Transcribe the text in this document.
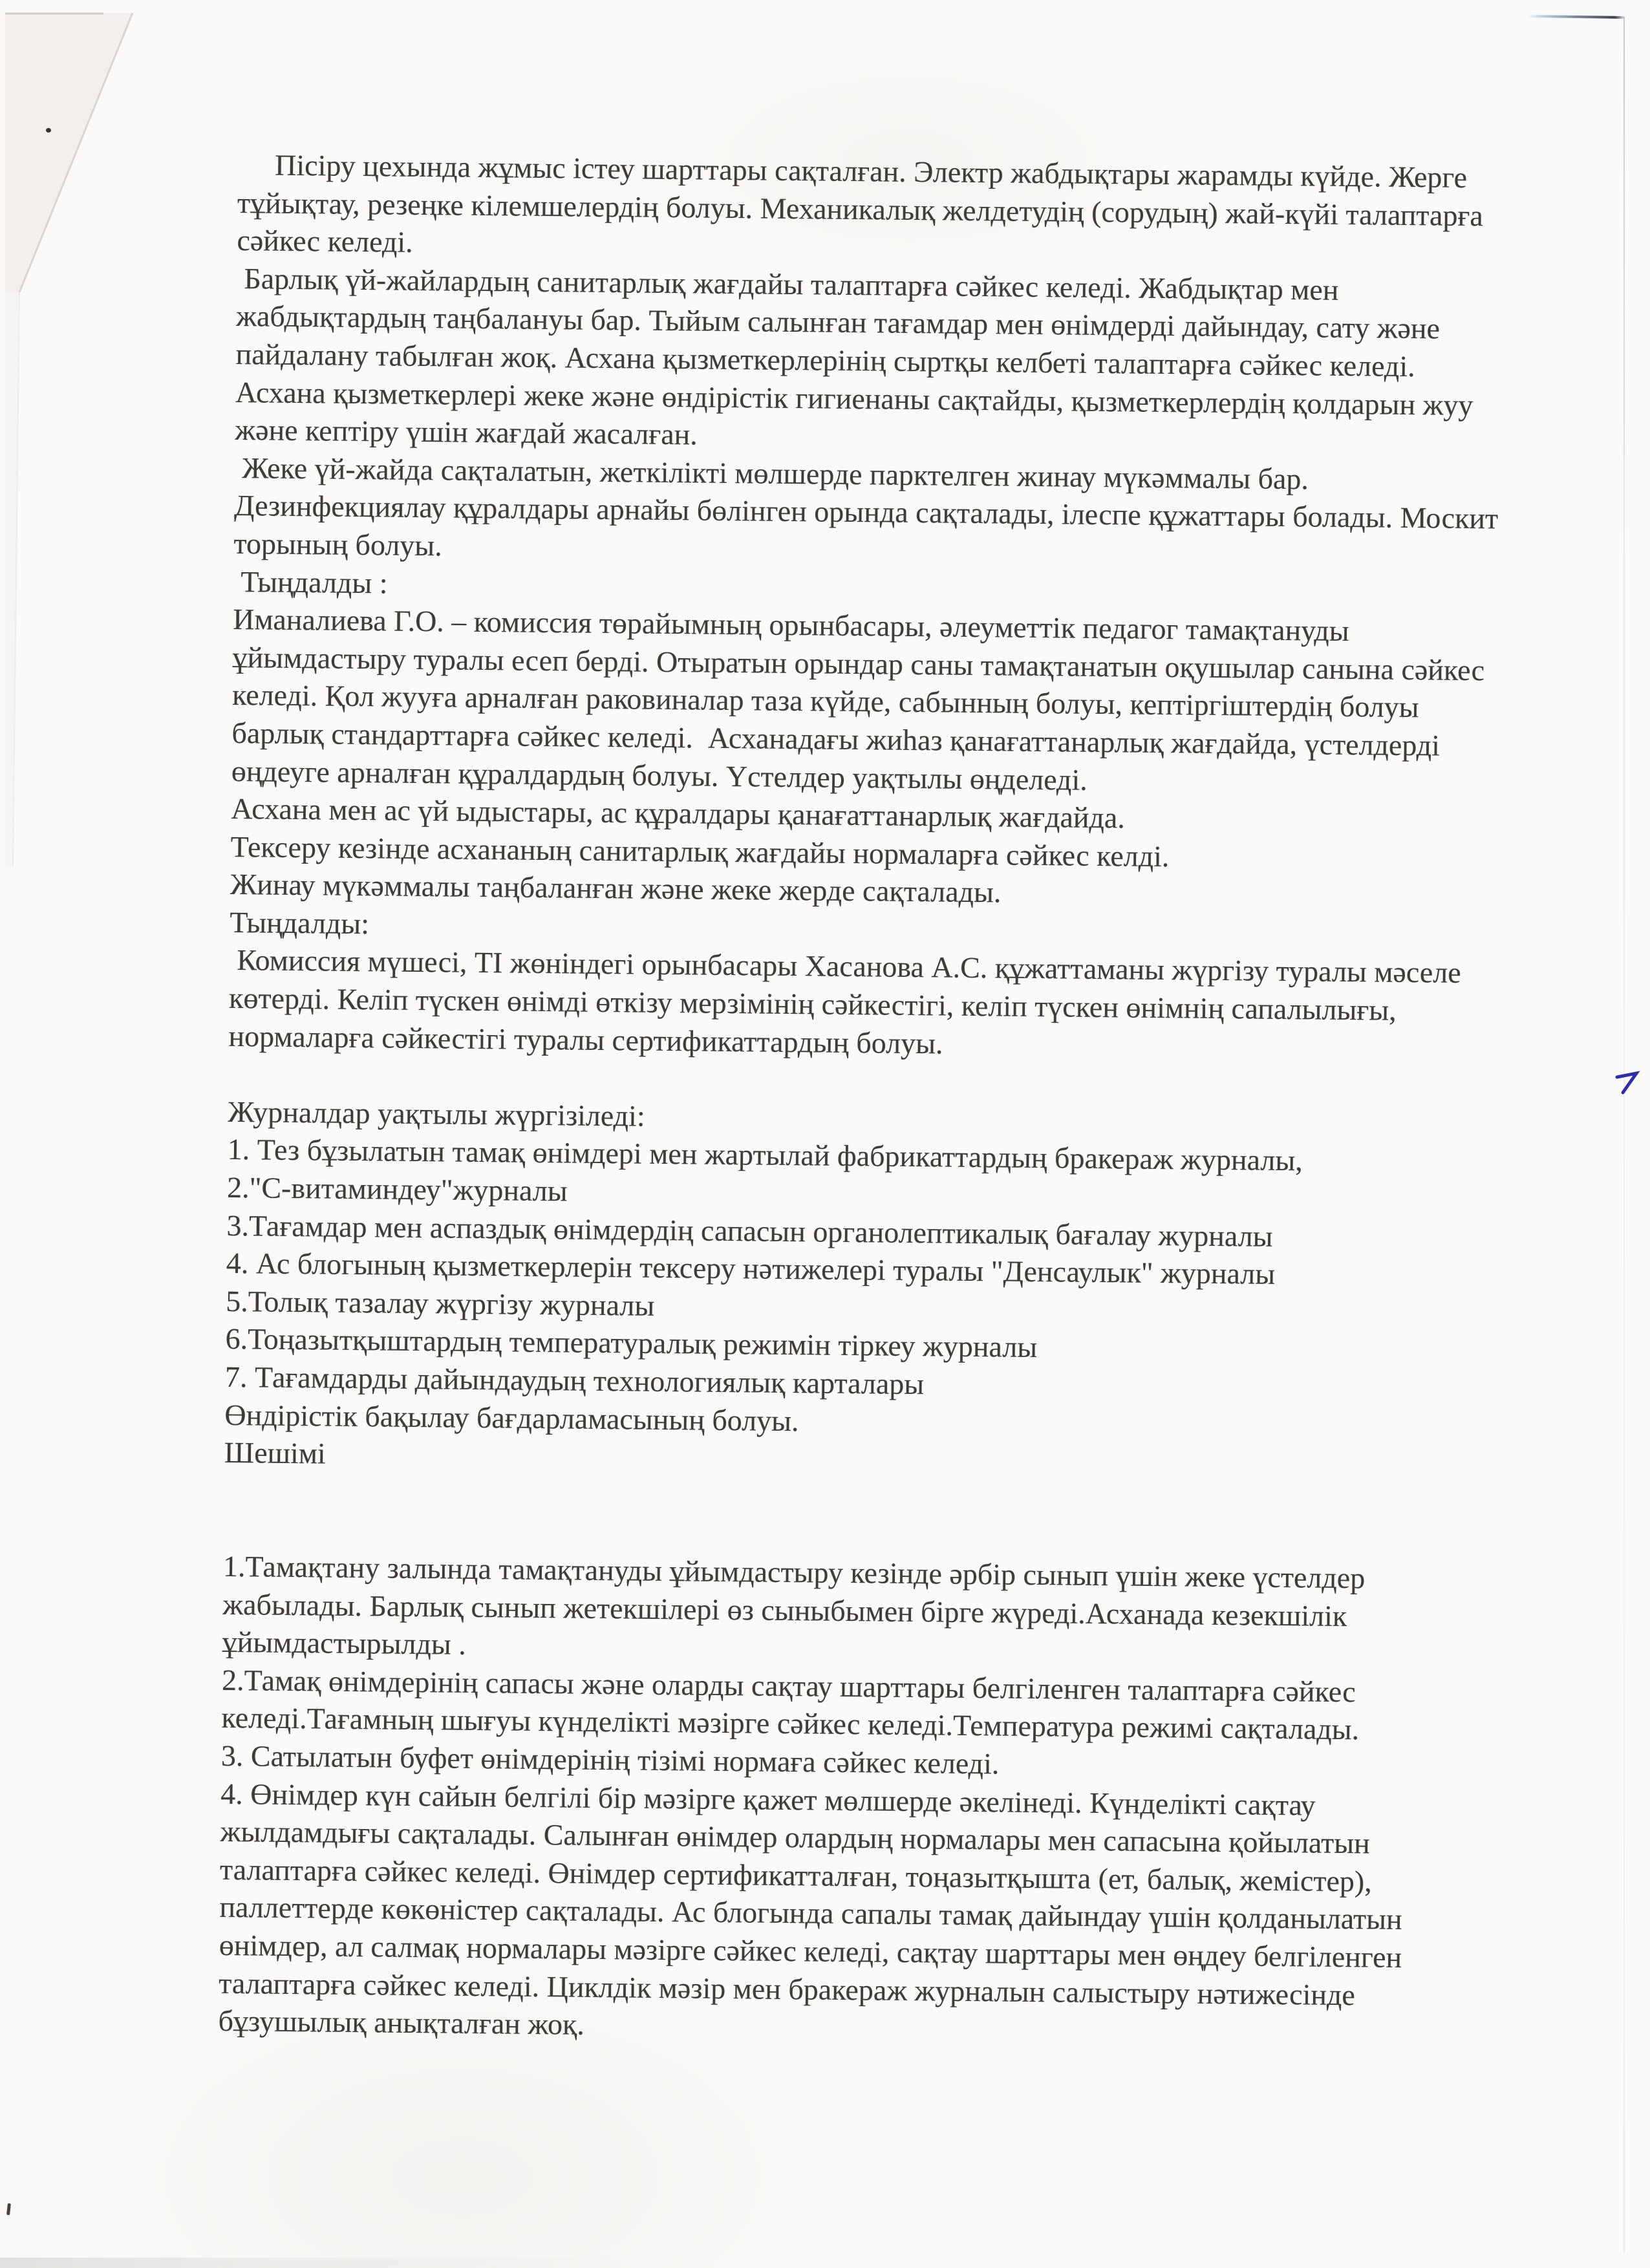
Пісіру цехында жұмыс істеу шарттары сақталған. Электр жабдықтары жарамды күйде. Жерге
тұйықтау, резеңке кілемшелердің болуы. Механикалық желдетудің (сорудың) жай-күйі талаптарға
сәйкес келеді.
Барлық үй-жайлардың санитарлық жағдайы талаптарға сәйкес келеді. Жабдықтар мен
жабдықтардың таңбалануы бар. Тыйым салынған тағамдар мен өнімдерді дайындау, сату және
пайдалану табылған жоқ. Асхана қызметкерлерінің сыртқы келбеті талаптарға сәйкес келеді.
Асхана қызметкерлері жеке және өндірістік гигиенаны сақтайды, қызметкерлердің қолдарын жуу
және кептіру үшін жағдай жасалған.
Жеке үй-жайда сақталатын, жеткілікті мөлшерде парктелген жинау мүкәммалы бар.
Дезинфекциялау құралдары арнайы бөлінген орында сақталады, ілеспе құжаттары болады. Москит
торының болуы.
Тыңдалды :
Иманалиева Г.О. – комиссия төрайымның орынбасары, әлеуметтік педагог тамақтануды
ұйымдастыру туралы есеп берді. Отыратын орындар саны тамақтанатын оқушылар санына сәйкес
келеді. Қол жууға арналған раковиналар таза күйде, сабынның болуы, кептіргіштердің болуы
барлық стандарттарға сәйкес келеді.  Асханадағы жиһаз қанағаттанарлық жағдайда, үстелдерді
өңдеуге арналған құралдардың болуы. Үстелдер уақтылы өңделеді.
Асхана мен ас үй ыдыстары, ас құралдары қанағаттанарлық жағдайда.
Тексеру кезінде асхананың санитарлық жағдайы нормаларға сәйкес келді.
Жинау мүкәммалы таңбаланған және жеке жерде сақталады.
Тыңдалды:
Комиссия мүшесі, ТІ жөніндегі орынбасары Хасанова А.С. құжаттаманы жүргізу туралы мәселе
көтерді. Келіп түскен өнімді өткізу мерзімінің сәйкестігі, келіп түскен өнімнің сапалылығы,
нормаларға сәйкестігі туралы сертификаттардың болуы.

Журналдар уақтылы жүргізіледі:
1. Тез бұзылатын тамақ өнімдері мен жартылай фабрикаттардың бракераж журналы,
2."С-витаминдеу"журналы
3.Тағамдар мен аспаздық өнімдердің сапасын органолептикалық бағалау журналы
4. Ас блогының қызметкерлерін тексеру нәтижелері туралы "Денсаулык" журналы
5.Толық тазалау жүргізу журналы
6.Тоңазытқыштардың температуралық режимін тіркеу журналы
7. Тағамдарды дайындаудың технологиялық карталары
Өндірістік бақылау бағдарламасының болуы.
Шешімі

1.Тамақтану залында тамақтануды ұйымдастыру кезінде әрбір сынып үшін жеке үстелдер
жабылады. Барлық сынып жетекшілері өз сыныбымен бірге жүреді.Асханада кезекшілік
ұйымдастырылды .
2.Тамақ өнімдерінің сапасы және оларды сақтау шарттары белгіленген талаптарға сәйкес
келеді.Тағамның шығуы күнделікті мәзірге сәйкес келеді.Температура режимі сақталады.
3. Сатылатын буфет өнімдерінің тізімі нормаға сәйкес келеді.
4. Өнімдер күн сайын белгілі бір мәзірге қажет мөлшерде әкелінеді. Күнделікті сақтау
жылдамдығы сақталады. Салынған өнімдер олардың нормалары мен сапасына қойылатын
талаптарға сәйкес келеді. Өнімдер сертификатталған, тоңазытқышта (ет, балық, жемістер),
паллеттерде көкөністер сақталады. Ас блогында сапалы тамақ дайындау үшін қолданылатын
өнімдер, ал салмақ нормалары мәзірге сәйкес келеді, сақтау шарттары мен өңдеу белгіленген
талаптарға сәйкес келеді. Циклдік мәзір мен бракераж журналын салыстыру нәтижесінде
бұзушылық анықталған жоқ.
